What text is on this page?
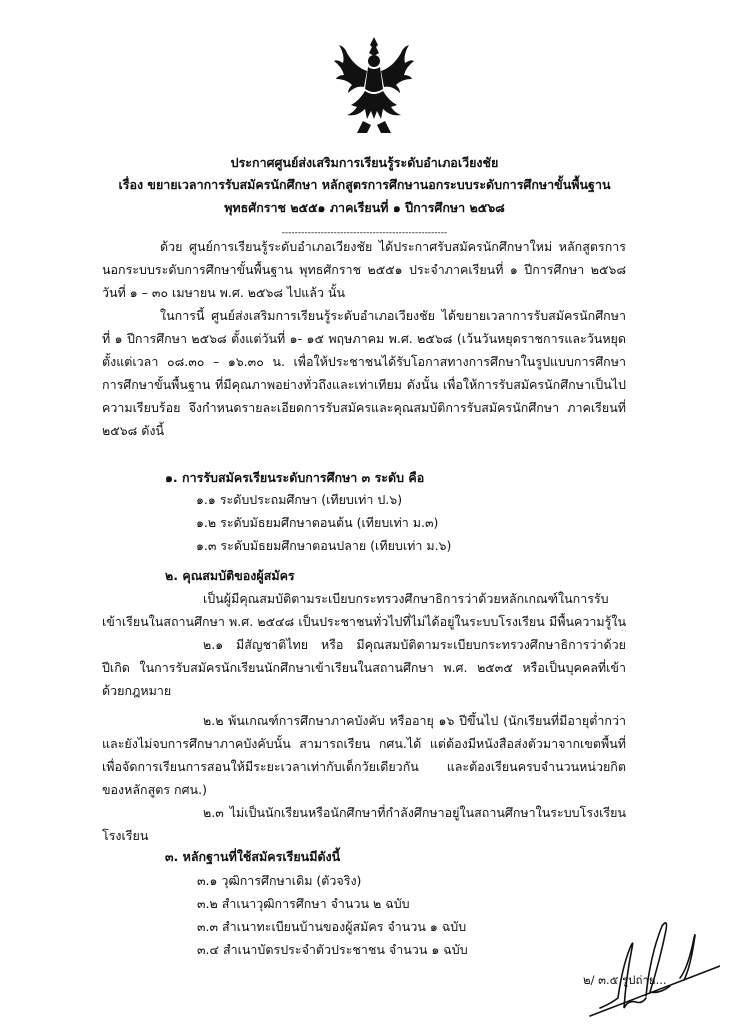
ประกาศศูนย์ส่งเสริมการเรียนรู้ระดับอำเภอเวียงชัย
เรื่อง ขยายเวลาการรับสมัครนักศึกษา หลักสูตรการศึกษานอกระบบระดับการศึกษาขั้นพื้นฐาน
พุทธศักราช ๒๕๕๑ ภาคเรียนที่ ๑ ปีการศึกษา ๒๕๖๘
---------------------------------------------------
ด้วย ศูนย์การเรียนรู้ระดับอำเภอเวียงชัย ได้ประกาศรับสมัครนักศึกษาใหม่ หลักสูตรการ
นอกระบบระดับการศึกษาขั้นพื้นฐาน พุทธศักราช ๒๕๕๑ ประจำภาคเรียนที่ ๑ ปีการศึกษา ๒๕๖๘
วันที่ ๑ – ๓๐ เมษายน พ.ศ. ๒๕๖๘ ไปแล้ว นั้น
ในการนี้ ศูนย์ส่งเสริมการเรียนรู้ระดับอำเภอเวียงชัย ได้ขยายเวลาการรับสมัครนักศึกษา
ที่ ๑ ปีการศึกษา ๒๕๖๘ ตั้งแต่วันที่ ๑- ๑๕ พฤษภาคม พ.ศ. ๒๕๖๘ (เว้นวันหยุดราชการและวันหยุด
ตั้งแต่เวลา ๐๘.๓๐ – ๑๖.๓๐ น. เพื่อให้ประชาชนได้รับโอกาสทางการศึกษาในรูปแบบการศึกษา
การศึกษาขั้นพื้นฐาน ที่มีคุณภาพอย่างทั่วถึงและเท่าเทียม ดังนั้น เพื่อให้การรับสมัครนักศึกษาเป็นไป
ความเรียบร้อย จึงกำหนดรายละเอียดการรับสมัครและคุณสมบัติการรับสมัครนักศึกษา ภาคเรียนที่
๒๕๖๘ ดังนี้
๑. การรับสมัครเรียนระดับการศึกษา ๓ ระดับ คือ
๑.๑ ระดับประถมศึกษา (เทียบเท่า ป.๖)
๑.๒ ระดับมัธยมศึกษาตอนต้น (เทียบเท่า ม.๓)
๑.๓ ระดับมัธยมศึกษาตอนปลาย (เทียบเท่า ม.๖)
๒. คุณสมบัติของผู้สมัคร
เป็นผู้มีคุณสมบัติตามระเบียบกระทรวงศึกษาธิการว่าด้วยหลักเกณฑ์ในการรับ
เข้าเรียนในสถานศึกษา พ.ศ. ๒๕๔๘ เป็นประชาชนทั่วไปที่ไม่ได้อยู่ในระบบโรงเรียน มีพื้นความรู้ใน
๒.๑ มีสัญชาติไทย หรือ มีคุณสมบัติตามระเบียบกระทรวงศึกษาธิการว่าด้วย
ปีเกิด ในการรับสมัครนักเรียนนักศึกษาเข้าเรียนในสถานศึกษา พ.ศ. ๒๕๓๕ หรือเป็นบุคคลที่เข้า
ด้วยกฎหมาย
๒.๒ พ้นเกณฑ์การศึกษาภาคบังคับ หรืออายุ ๑๖ ปีขึ้นไป (นักเรียนที่มีอายุต่ำกว่า
และยังไม่จบการศึกษาภาคบังคับนั้น สามารถเรียน กศน.ได้ แต่ต้องมีหนังสือส่งตัวมาจากเขตพื้นที่
เพื่อจัดการเรียนการสอนให้มีระยะเวลาเท่ากับเด็กวัยเดียวกัน และต้องเรียนครบจำนวนหน่วยกิต
ของหลักสูตร กศน.)
๒.๓ ไม่เป็นนักเรียนหรือนักศึกษาที่กำลังศึกษาอยู่ในสถานศึกษาในระบบโรงเรียน
โรงเรียน
๓. หลักฐานที่ใช้สมัครเรียนมีดังนี้
๓.๑ วุฒิการศึกษาเดิม (ตัวจริง)
๓.๒ สำเนาวุฒิการศึกษา จำนวน ๒ ฉบับ
๓.๓ สำเนาทะเบียนบ้านของผู้สมัคร จำนวน ๑ ฉบับ
๓.๔ สำเนาบัตรประจำตัวประชาชน จำนวน ๑ ฉบับ
๒/ ๓.๕ รูปถ่าย...
